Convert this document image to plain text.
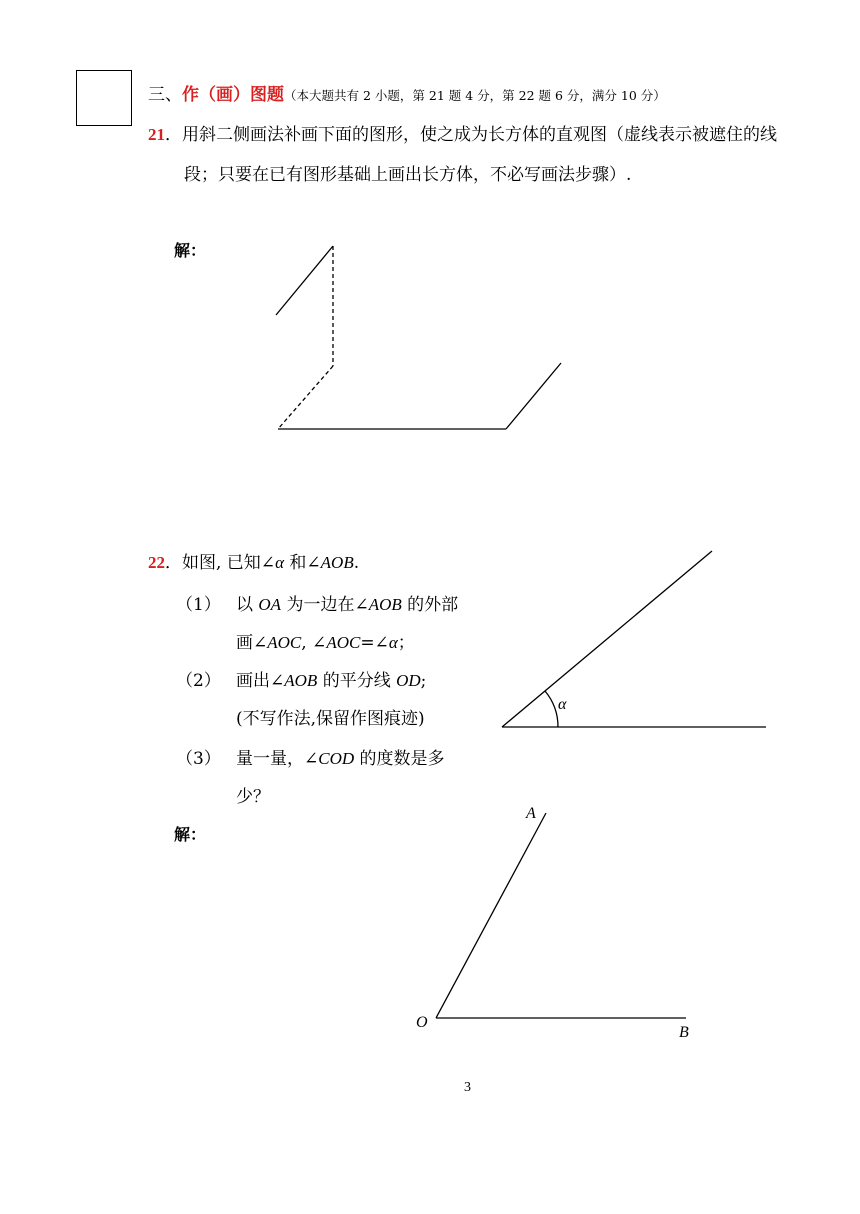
三、作（画）图题（本大题共有 2 小题，第 21 题 4 分，第 22 题 6 分，满分 10 分）
21．用斜二侧画法补画下面的图形，使之成为长方体的直观图（虚线表示被遮住的线
段；只要在已有图形基础上画出长方体，不必写画法步骤）.
解：
22．如图, 已知∠α 和∠AOB.
（1） 以 OA 为一边在∠AOB 的外部
画∠AOC, ∠AOC=∠α；
（2） 画出∠AOB 的平分线 OD;
(不写作法,保留作图痕迹)
（3） 量一量，∠COD 的度数是多
少？
解：
α
A
O
B
3
